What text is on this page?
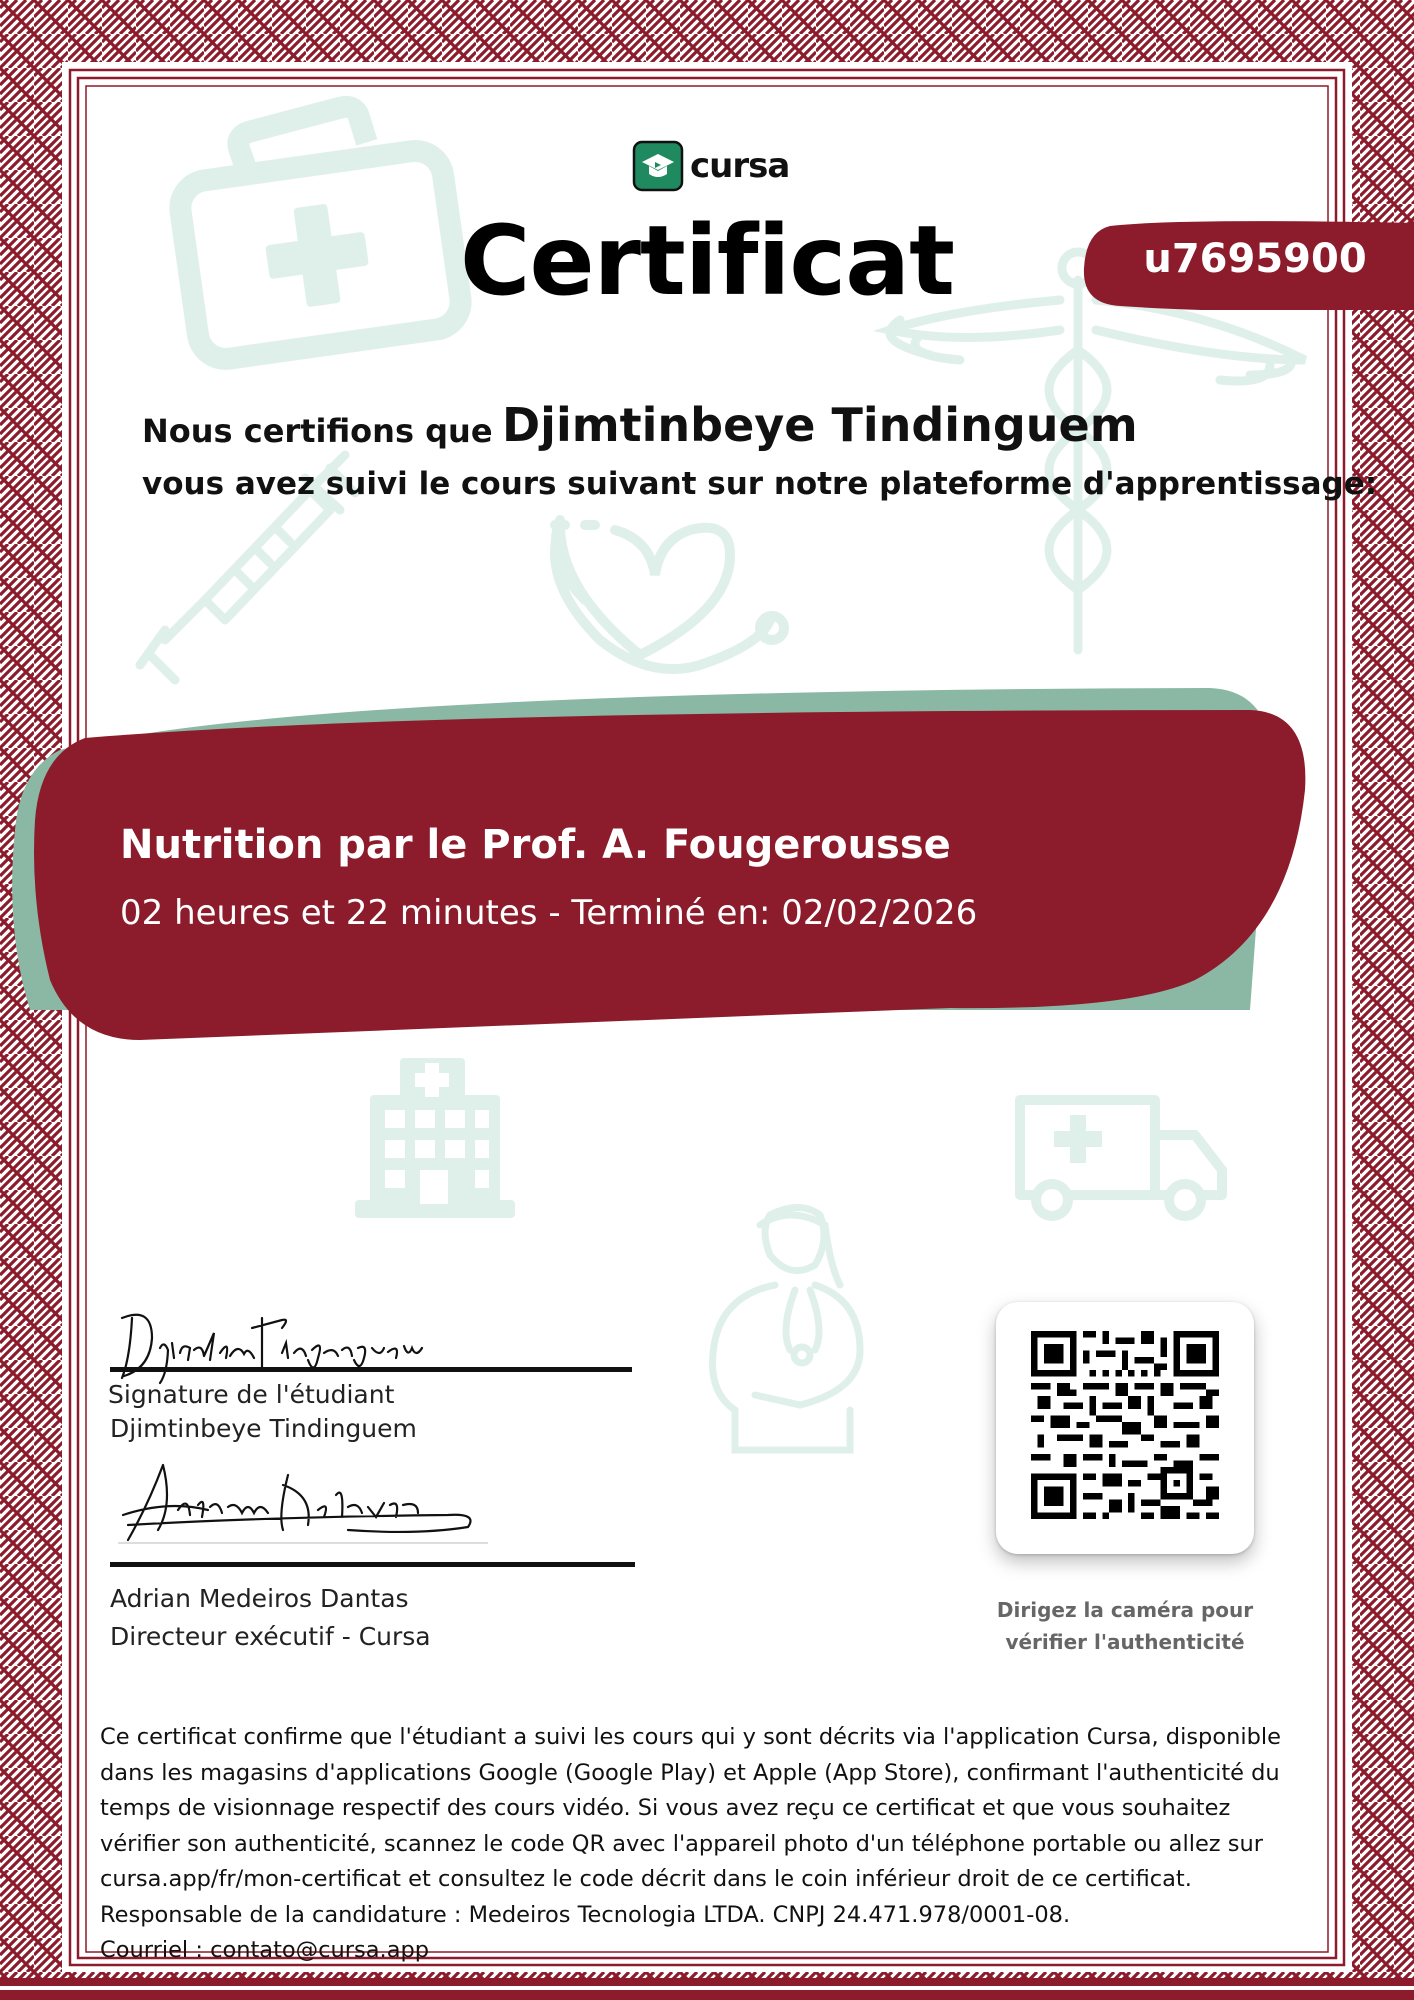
cursa
Certificat	u7695900
Nous certifions que Djimtinbeye Tindinguem
vous avez suivi le cours suivant sur notre plateforme d'apprentissage:
Nutrition par le Prof. A. Fougerousse
02 heures et 22 minutes - Terminé en: 02/02/2026
Signature de l'étudiant
Djimtinbeye Tindinguem
Adrian Medeiros Dantas
Directeur exécutif - Cursa
Dirigez la caméra pour
vérifier l'authenticité

Ce certificat confirme que l'étudiant a suivi les cours qui y sont décrits via l'application Cursa, disponible

dans les magasins d'applications Google (Google Play) et Apple (App Store), confirmant l'authenticité du

temps de visionnage respectif des cours vidéo. Si vous avez reçu ce certificat et que vous souhaitez

vérifier son authenticité, scannez le code QR avec l'appareil photo d'un téléphone portable ou allez sur

cursa.app/fr/mon-certificat et consultez le code décrit dans le coin inférieur droit de ce certificat.

Responsable de la candidature : Medeiros Tecnologia LTDA. CNPJ 24.471.978/0001-08.

Courriel : contato@cursa.app
